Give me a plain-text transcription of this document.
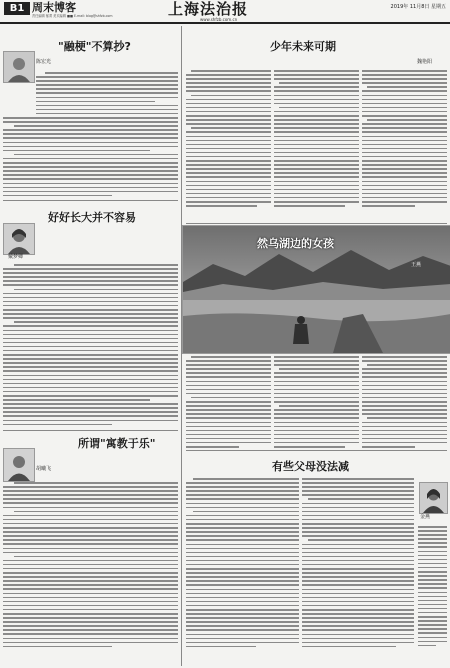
B1 周末博客
责任编辑 郁菁 美术编辑 ■■ E-mail: blog@shfzb.com	上海法治报
www.shfzb.com.cn
2019年 11月8日 星期五
"融梗"不算抄?
陈宏光
少年未来可期
魏艳阳
好好长大并不容易
戴梦卿
然乌湖边的女孩
王燕
所谓"寓教于乐"
胡曦飞	有些父母没法减
金燕
